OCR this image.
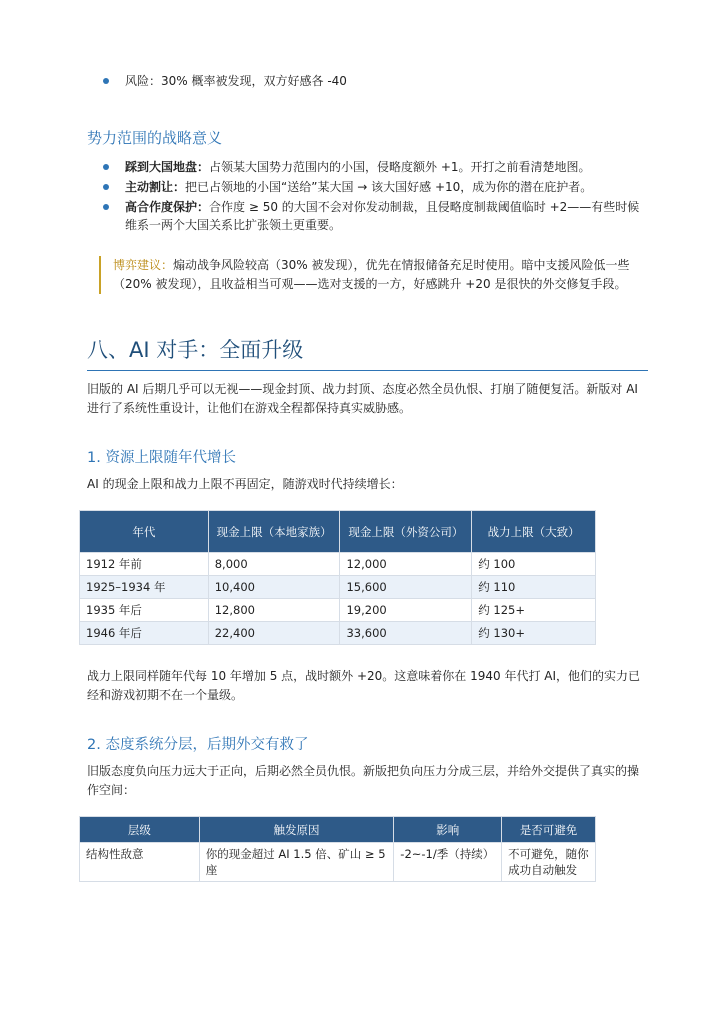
风险：30% 概率被发现，双方好感各 -40
势力范围的战略意义
踩到大国地盘：占领某大国势力范围内的小国，侵略度额外 +1。开打之前看清楚地图。
主动割让：把已占领地的小国“送给”某大国 → 该大国好感 +10，成为你的潜在庇护者。
高合作度保护：合作度 ≥ 50 的大国不会对你发动制裁，且侵略度制裁阈值临时 +2——有些时候维系一两个大国关系比扩张领土更重要。
博弈建议：煽动战争风险较高（30% 被发现），优先在情报储备充足时使用。暗中支援风险低一些（20% 被发现），且收益相当可观——选对支援的一方，好感跳升 +20 是很快的外交修复手段。
八、AI 对手：全面升级

旧版的 AI 后期几乎可以无视——现金封顶、战力封顶、态度必然全员仇恨、打崩了随便复活。新版对 AI 进行了系统性重设计，让他们在游戏全程都保持真实威胁感。

1. 资源上限随年代增长

AI 的现金上限和战力上限不再固定，随游戏时代持续增长：

年代	现金上限（本地家族）	现金上限（外资公司）	战力上限（大致）
1912 年前	8,000	12,000	约 100
1925–1934 年	10,400	15,600	约 110
1935 年后	12,800	19,200	约 125+
1946 年后	22,400	33,600	约 130+

战力上限同样随年代每 10 年增加 5 点，战时额外 +20。这意味着你在 1940 年代打 AI，他们的实力已经和游戏初期不在一个量级。

2. 态度系统分层，后期外交有救了

旧版态度负向压力远大于正向，后期必然全员仇恨。新版把负向压力分成三层，并给外交提供了真实的操作空间：

层级	触发原因	影响	是否可避免
结构性敌意	你的现金超过 AI 1.5 倍、矿山 ≥ 5 座	-2~-1/季（持续）	不可避免，随你成功自动触发
